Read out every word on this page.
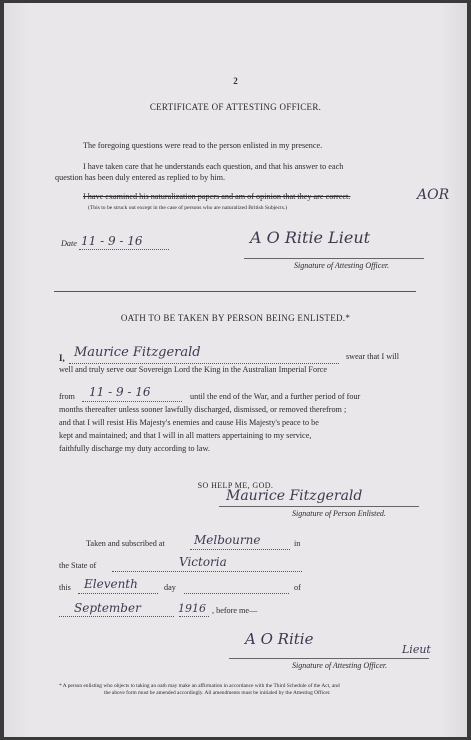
2
CERTIFICATE OF ATTESTING OFFICER.
The foregoing questions were read to the person enlisted in my presence.
I have taken care that he understands each question, and that his answer to each
question has been duly entered as replied to by him.
I have examined his naturalization papers and am of opinion that they are correct.	AOR
(This to be struck out except in the case of persons who are naturalized British Subjects.)
Date 11 - 9 - 16	A O Ritie Lieut
Signature of Attesting Officer.
OATH TO BE TAKEN BY PERSON BEING ENLISTED.*
I, Maurice Fitzgerald	swear that I will
well and truly serve our Sovereign Lord the King in the Australian Imperial Force
from 11 - 9 - 16	until the end of the War, and a further period of four
months thereafter unless sooner lawfully discharged, dismissed, or removed therefrom ;
and that I will resist His Majesty's enemies and cause His Majesty's peace to be
kept and maintained; and that I will in all matters appertaining to my service,
faithfully discharge my duty according to law.
SO HELP ME, GOD.
Maurice Fitzgerald
Signature of Person Enlisted.
Taken and subscribed at Melbourne	in
the State of	Victoria
this Eleventh	day	of
September	1916 , before me—
A O Ritie
Lieut
Signature of Attesting Officer.
* A person enlisting who objects to taking an oath may make an affirmation in accordance with the Third Schedule of the Act, and
the above form must be amended accordingly. All amendments must be initialed by the Attesting Officer.
